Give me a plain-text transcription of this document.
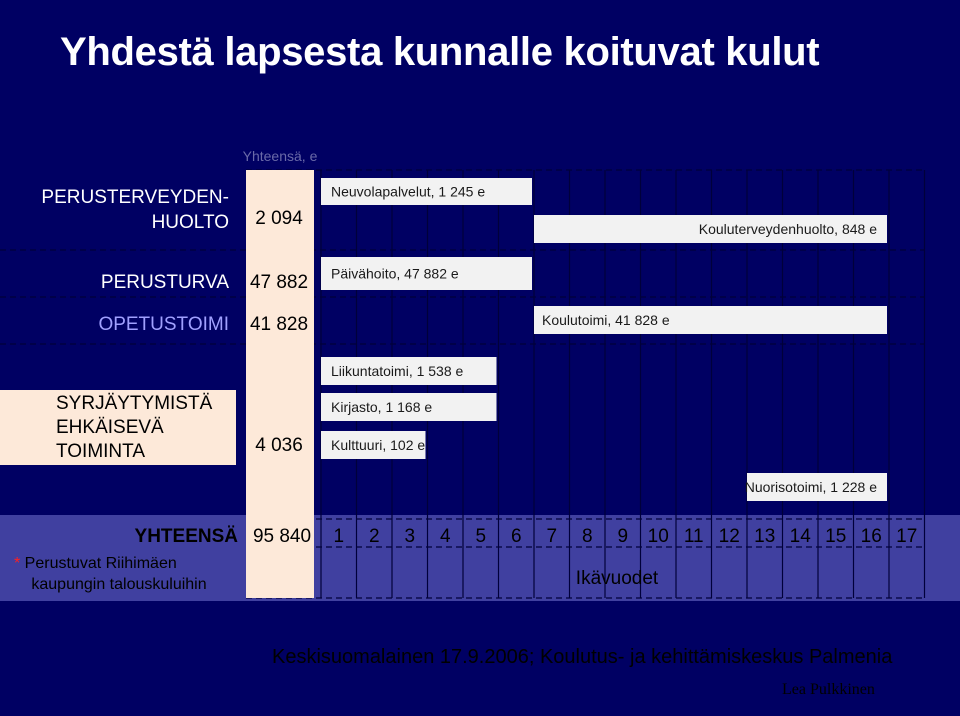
Yhdestä lapsesta kunnalle koituvat kulut
Yhteensä, e
2 094
47 882
41 828
4 036
95 840
PERUSTERVEYDEN-HUOLTO
PERUSTURVA
OPETUSTOIMI
SYRJÄYTYMISTÄ EHKÄISEVÄ TOIMINTA
YHTEENSÄ
* Perustuvat Riihimäen
kaupungin talouskuluihin
Neuvolapalvelut, 1 245 e
Kouluterveydenhuolto, 848 e
Päivähoito, 47 882 e
Koulutoimi, 41 828 e
Liikuntatoimi, 1 538 e
Kirjasto, 1 168 e
Kulttuuri, 102 e
Nuorisotoimi, 1 228 e
1 2 3 4 5 6 7 8 9 10 11 12 13 14 15 16 17
Ikävuodet
Keskisuomalainen 17.9.2006; Koulutus- ja kehittämiskeskus Palmenia
Lea Pulkkinen
